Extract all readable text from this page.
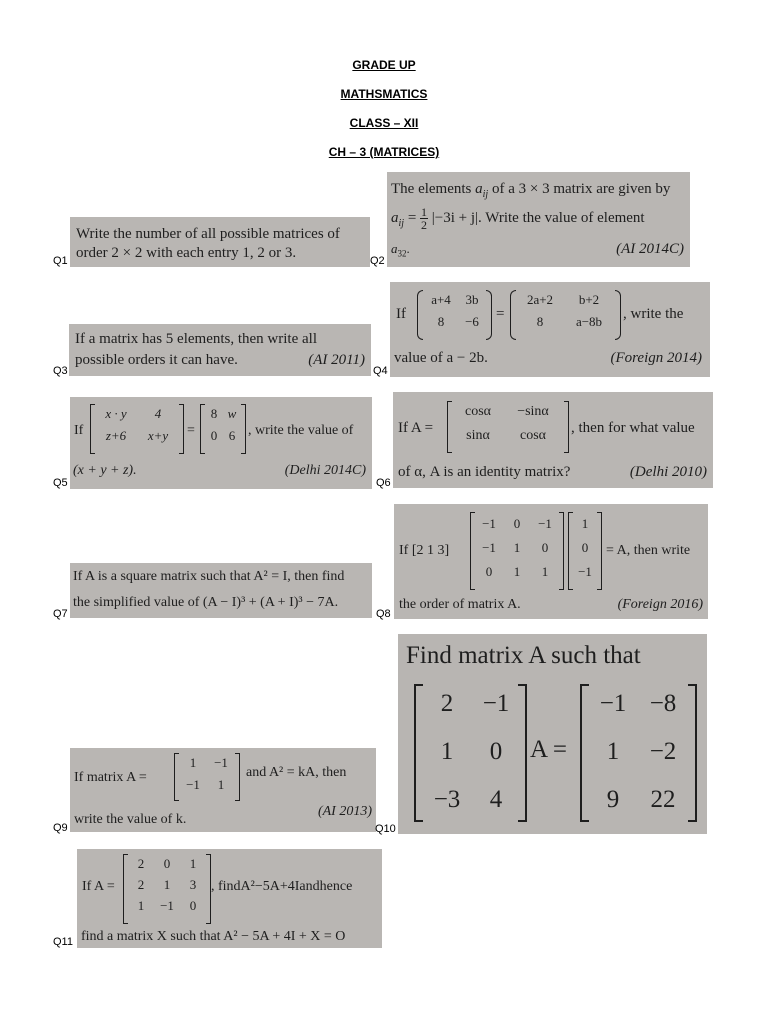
GRADE UP
MATHSMATICS
CLASS – XII
CH – 3 (MATRICES)
Write the number of all possible matrices of
order 2 × 2 with each entry 1, 2 or 3.
Q1
The elements $a_{ij}$ of a 3 × 3 matrix are given by
$a_{ij} = \frac{1}{2} |-3i + j|$. Write the value of element
$a_{32}$.	(AI 2014C)
Q2
If a matrix has 5 elements, then write all
possible orders it can have.	(AI 2011)
Q3
If
a+4	3b
8	−6	=
2a+2	b+2
8	a−8b	, write the
value of a − 2b.	(Foreign 2014)
Q4
If
x · y	4
z+6	x+y	=
8 w
0 6 , write the value of
(x + y + z).	(Delhi 2014C)
Q5
If A =
cosα	−sinα
sinα	cosα	, then for what value
of α, A is an identity matrix?	(Delhi 2010)
Q6
If A is a square matrix such that A² = I, then find
the simplified value of (A − I)³ + (A + I)³ − 7A.
Q7
If [2 1 3]
−1	0	−1
−1	1	0
0	1	1
1
0
−1
= A, then write
the order of matrix A.	(Foreign 2016)
Q8
If matrix A =
1	−1
−1	1
and A² = kA, then
write the value of k.
(AI 2013)
Q9
Find matrix A such that
2	−1
1	0
−3	4
A =
−1 −8
1	−2
9	22
Q10
If A =
2	0	1
2	1	3
1	−1	0
, findA²−5A+4Iandhence
find a matrix X such that A² − 5A + 4I + X = O
Q11
